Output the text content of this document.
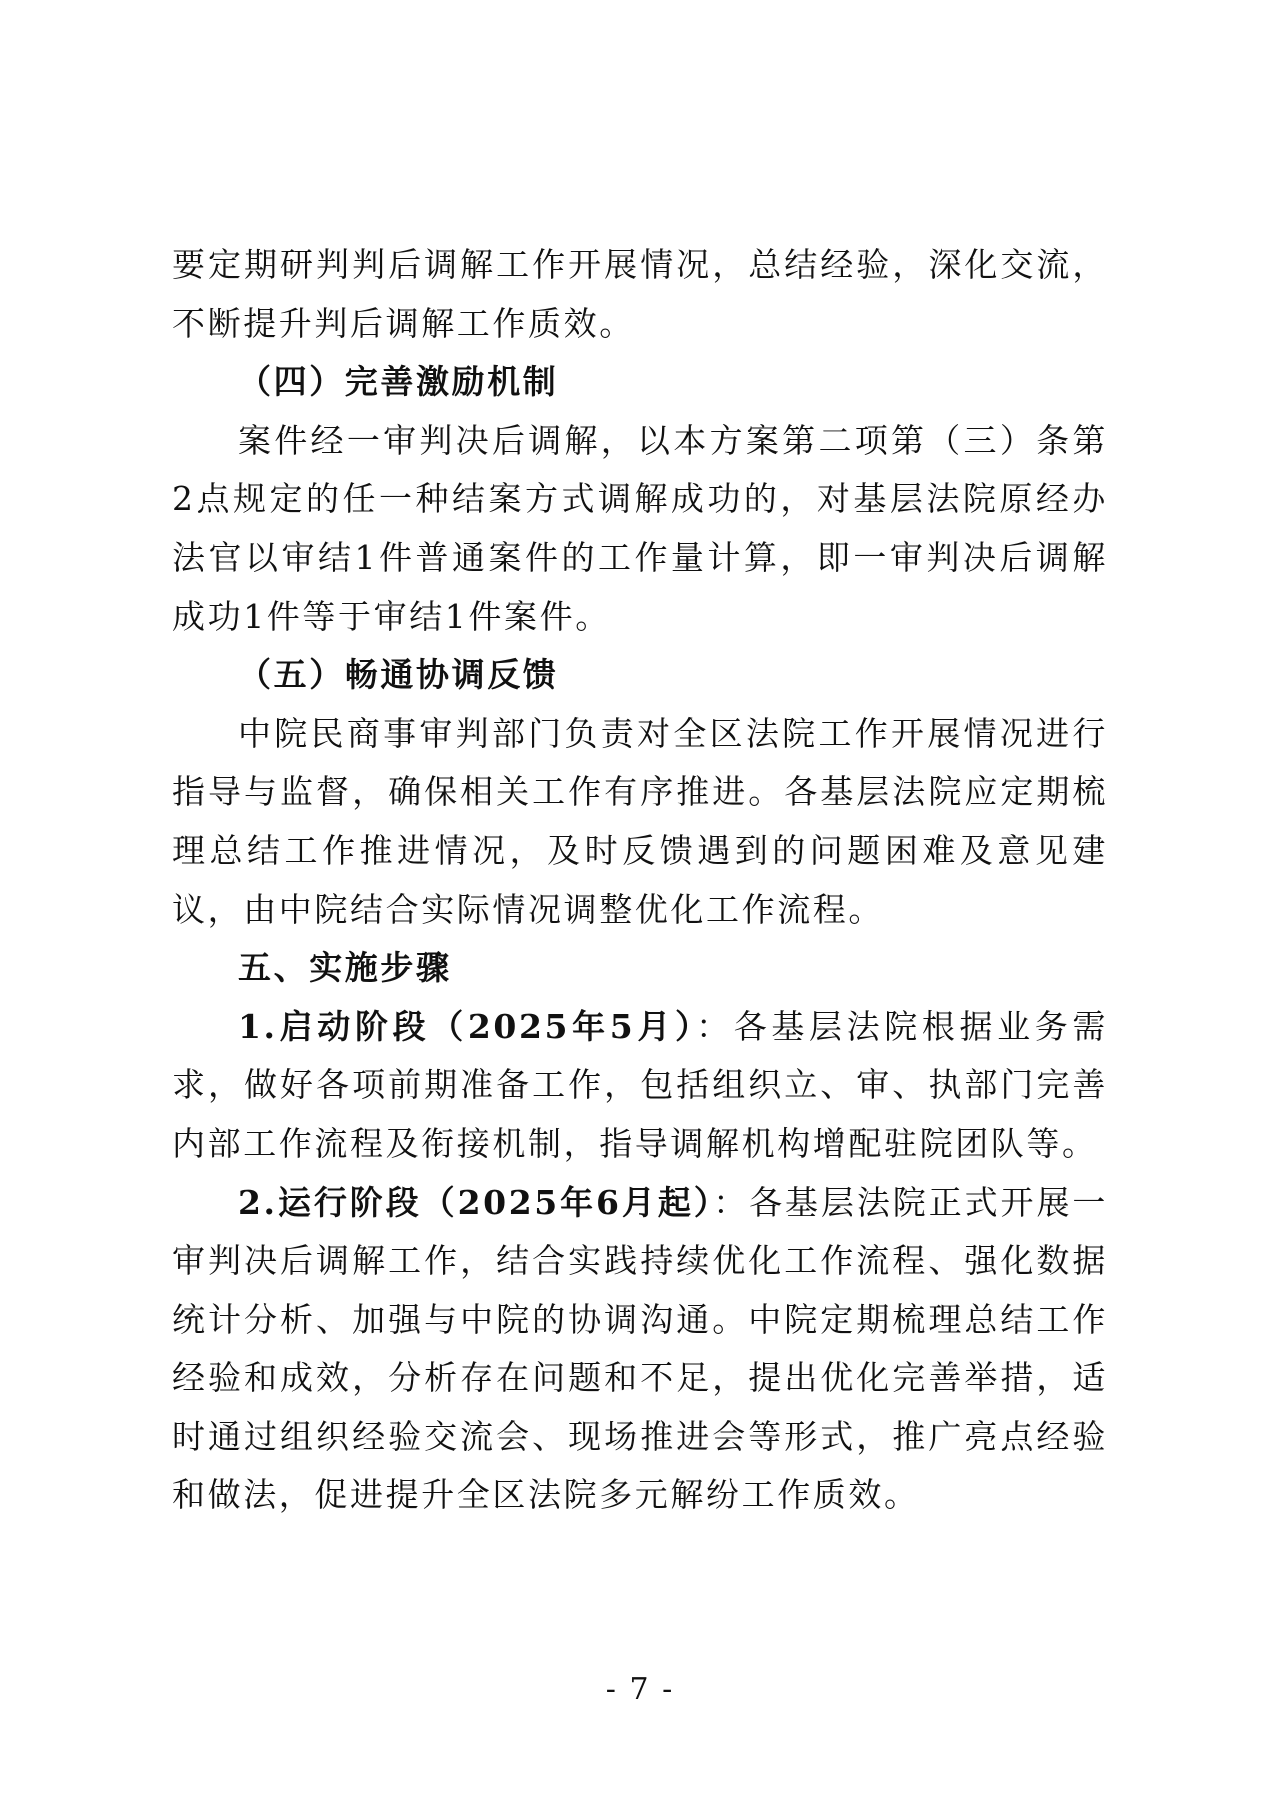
要定期研判判后调解工作开展情况，总结经验，深化交流，不断提升判后调解工作质效。

（四）完善激励机制

案件经一审判决后调解，以本方案第二项第（三）条第2点规定的任一种结案方式调解成功的，对基层法院原经办法官以审结1件普通案件的工作量计算，即一审判决后调解成功1件等于审结1件案件。

（五）畅通协调反馈

中院民商事审判部门负责对全区法院工作开展情况进行指导与监督，确保相关工作有序推进。各基层法院应定期梳理总结工作推进情况，及时反馈遇到的问题困难及意见建议，由中院结合实际情况调整优化工作流程。

五、实施步骤

1.启动阶段（2025年5月）：各基层法院根据业务需求，做好各项前期准备工作，包括组织立、审、执部门完善内部工作流程及衔接机制，指导调解机构增配驻院团队等。

2.运行阶段（2025年6月起）：各基层法院正式开展一审判决后调解工作，结合实践持续优化工作流程、强化数据统计分析、加强与中院的协调沟通。中院定期梳理总结工作经验和成效，分析存在问题和不足，提出优化完善举措，适时通过组织经验交流会、现场推进会等形式，推广亮点经验和做法，促进提升全区法院多元解纷工作质效。

- 7 -
